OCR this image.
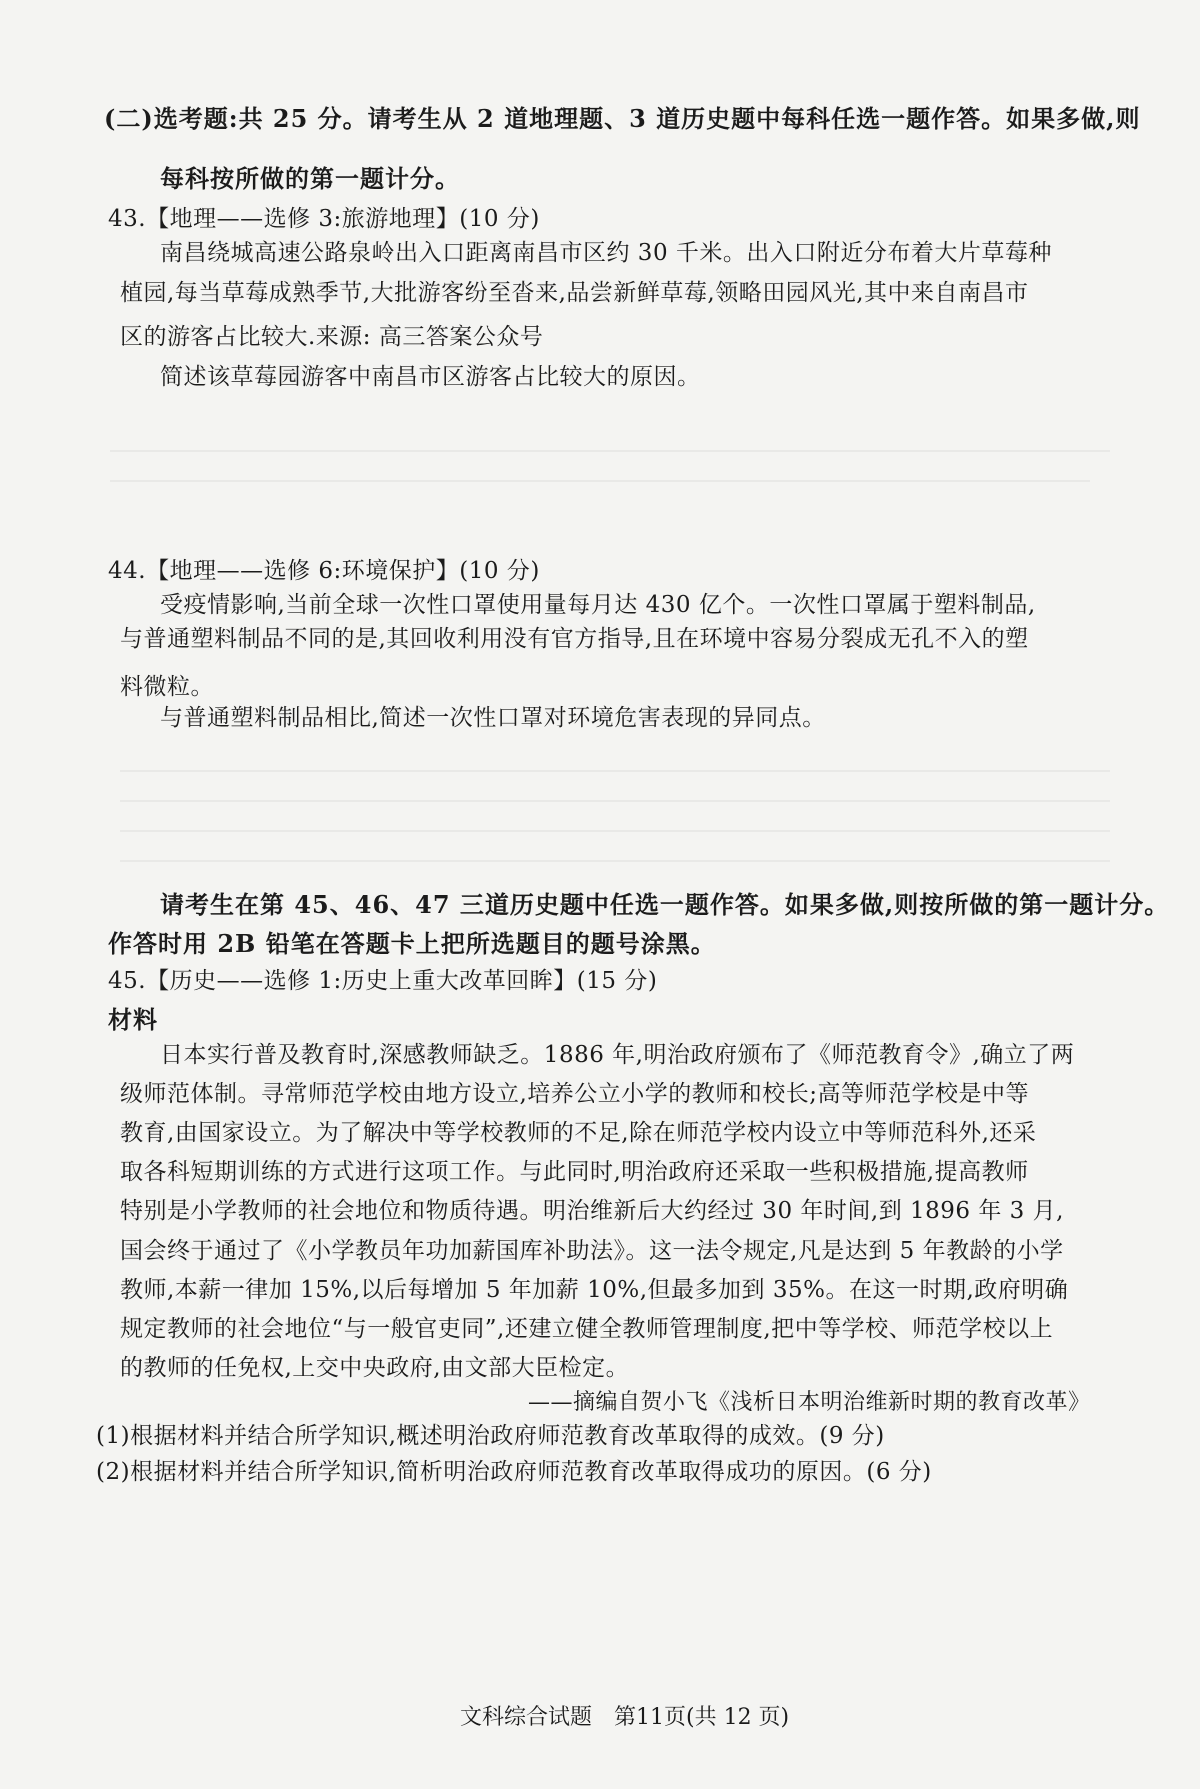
(二)选考题:共 25 分。请考生从 2 道地理题、3 道历史题中每科任选一题作答。如果多做,则
每科按所做的第一题计分。
43.【地理——选修 3:旅游地理】(10 分)
南昌绕城高速公路泉岭出入口距离南昌市区约 30 千米。出入口附近分布着大片草莓种
植园,每当草莓成熟季节,大批游客纷至沓来,品尝新鲜草莓,领略田园风光,其中来自南昌市
区的游客占比较大.来源: 高三答案公众号
简述该草莓园游客中南昌市区游客占比较大的原因。
44.【地理——选修 6:环境保护】(10 分)
受疫情影响,当前全球一次性口罩使用量每月达 430 亿个。一次性口罩属于塑料制品,
与普通塑料制品不同的是,其回收利用没有官方指导,且在环境中容易分裂成无孔不入的塑
料微粒。
与普通塑料制品相比,简述一次性口罩对环境危害表现的异同点。
请考生在第 45、46、47 三道历史题中任选一题作答。如果多做,则按所做的第一题计分。
作答时用 2B 铅笔在答题卡上把所选题目的题号涂黑。
45.【历史——选修 1:历史上重大改革回眸】(15 分)
材料
日本实行普及教育时,深感教师缺乏。1886 年,明治政府颁布了《师范教育令》,确立了两
级师范体制。寻常师范学校由地方设立,培养公立小学的教师和校长;高等师范学校是中等
教育,由国家设立。为了解决中等学校教师的不足,除在师范学校内设立中等师范科外,还采
取各科短期训练的方式进行这项工作。与此同时,明治政府还采取一些积极措施,提高教师
特别是小学教师的社会地位和物质待遇。明治维新后大约经过 30 年时间,到 1896 年 3 月,
国会终于通过了《小学教员年功加薪国库补助法》。这一法令规定,凡是达到 5 年教龄的小学
教师,本薪一律加 15%,以后每增加 5 年加薪 10%,但最多加到 35%。在这一时期,政府明确
规定教师的社会地位“与一般官吏同”,还建立健全教师管理制度,把中等学校、师范学校以上
的教师的任免权,上交中央政府,由文部大臣检定。
——摘编自贺小飞《浅析日本明治维新时期的教育改革》
(1)根据材料并结合所学知识,概述明治政府师范教育改革取得的成效。(9 分)
(2)根据材料并结合所学知识,简析明治政府师范教育改革取得成功的原因。(6 分)
文科综合试题　第11页(共 12 页)
